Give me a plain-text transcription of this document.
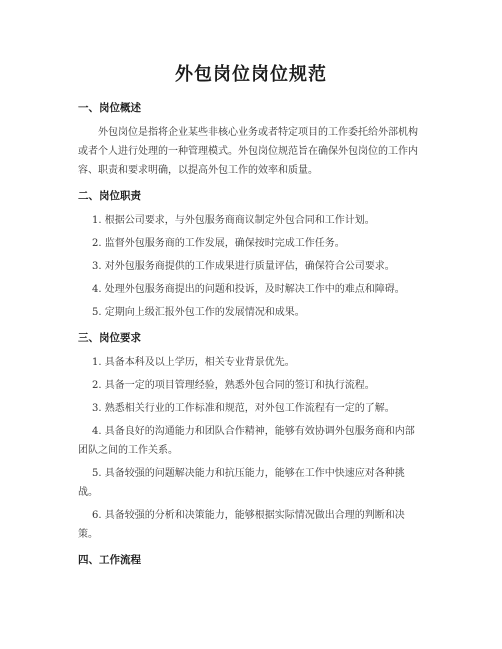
外包岗位岗位规范

一、岗位概述

外包岗位是指将企业某些非核心业务或者特定项目的工作委托给外部机构或者个人进行处理的一种管理模式。外包岗位规范旨在确保外包岗位的工作内容、职责和要求明确，以提高外包工作的效率和质量。

二、岗位职责

1. 根据公司要求，与外包服务商商议制定外包合同和工作计划。

2. 监督外包服务商的工作发展，确保按时完成工作任务。

3. 对外包服务商提供的工作成果进行质量评估，确保符合公司要求。

4. 处理外包服务商提出的问题和投诉，及时解决工作中的难点和障碍。

5. 定期向上级汇报外包工作的发展情况和成果。

三、岗位要求

1. 具备本科及以上学历，相关专业背景优先。

2. 具备一定的项目管理经验，熟悉外包合同的签订和执行流程。

3. 熟悉相关行业的工作标准和规范，对外包工作流程有一定的了解。

4. 具备良好的沟通能力和团队合作精神，能够有效协调外包服务商和内部团队之间的工作关系。

5. 具备较强的问题解决能力和抗压能力，能够在工作中快速应对各种挑战。

6. 具备较强的分析和决策能力，能够根据实际情况做出合理的判断和决策。

四、工作流程
